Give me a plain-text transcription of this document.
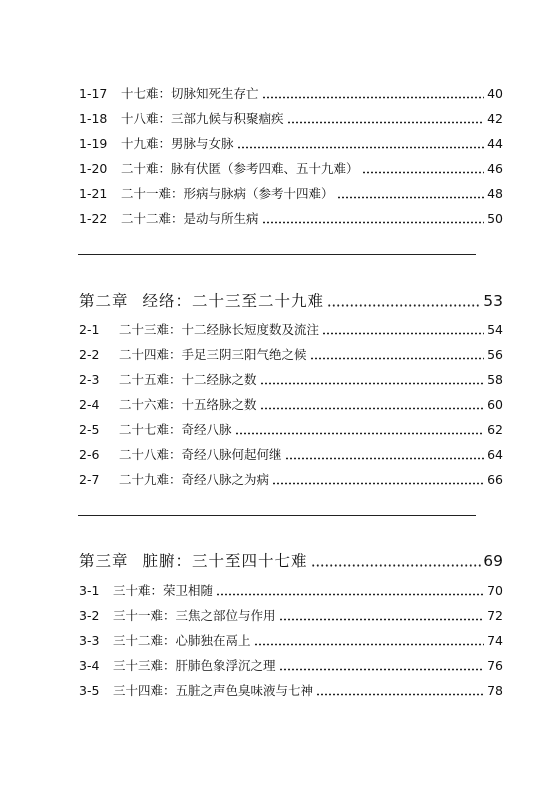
1-17	十七难：切脉知死生存亡	40
1-18	十八难：三部九候与积聚痼疾	42
1-19	十九难：男脉与女脉	44
1-20	二十难：脉有伏匿（参考四难、五十九难）	46
1-21	二十一难：形病与脉病（参考十四难）	48
1-22	二十二难：是动与所生病	50
第二章 经络：二十三至二十九难	53
2-1	二十三难：十二经脉长短度数及流注	54
2-2	二十四难：手足三阴三阳气绝之候	56
2-3	二十五难：十二经脉之数	58
2-4	二十六难：十五络脉之数	60
2-5	二十七难：奇经八脉	62
2-6	二十八难：奇经八脉何起何继	64
2-7	二十九难：奇经八脉之为病	66
第三章 脏腑：三十至四十七难	69
3-1	三十难：荣卫相随	70
3-2	三十一难：三焦之部位与作用	72
3-3	三十二难：心肺独在鬲上	74
3-4	三十三难：肝肺色象浮沉之理	76
3-5	三十四难：五脏之声色臭味液与七神	78
